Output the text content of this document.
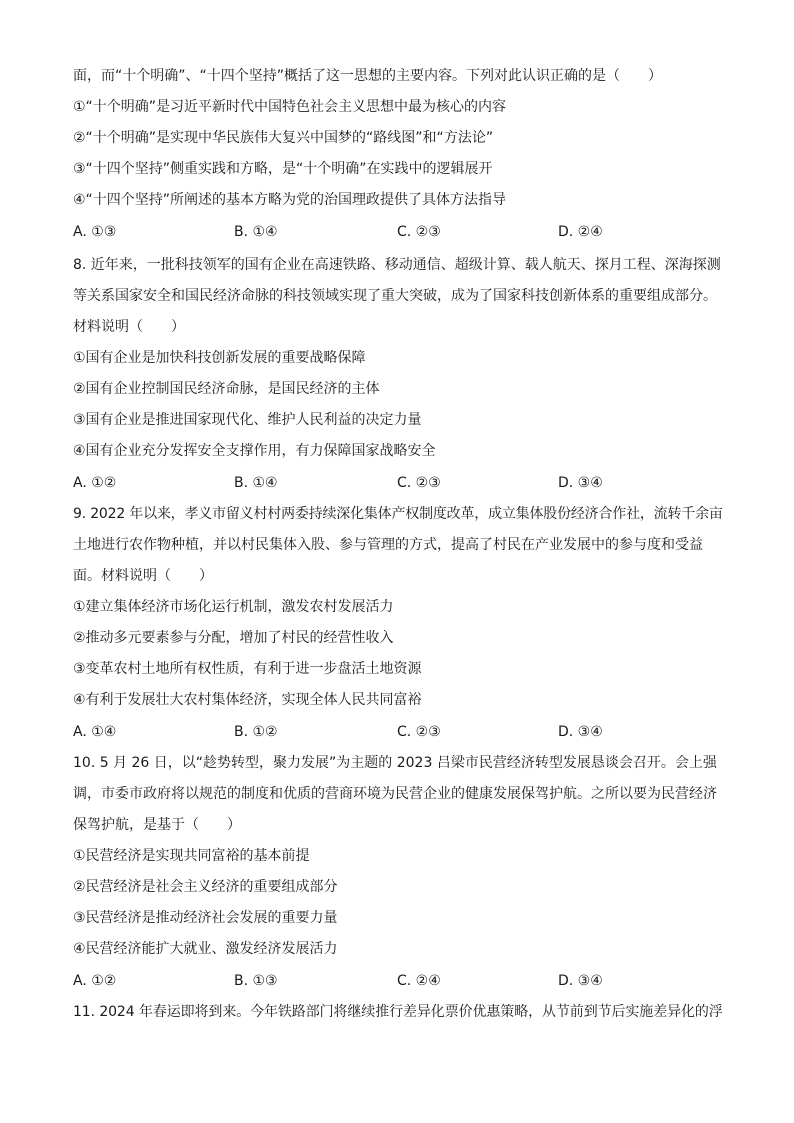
面，而“十个明确”、“十四个坚持”概括了这一思想的主要内容。下列对此认识正确的是（　　）
①“十个明确”是习近平新时代中国特色社会主义思想中最为核心的内容
②“十个明确”是实现中华民族伟大复兴中国梦的“路线图”和“方法论”
③“十四个坚持”侧重实践和方略，是“十个明确”在实践中的逻辑展开
④“十四个坚持”所阐述的基本方略为党的治国理政提供了具体方法指导
A. ①③	B. ①④	C. ②③	D. ②④
8. 近年来，一批科技领军的国有企业在高速铁路、移动通信、超级计算、载人航天、探月工程、深海探测
等关系国家安全和国民经济命脉的科技领域实现了重大突破，成为了国家科技创新体系的重要组成部分。
材料说明（　　）
①国有企业是加快科技创新发展的重要战略保障
②国有企业控制国民经济命脉，是国民经济的主体
③国有企业是推进国家现代化、维护人民利益的决定力量
④国有企业充分发挥安全支撑作用，有力保障国家战略安全
A. ①②	B. ①④	C. ②③	D. ③④
9. 2022 年以来，孝义市留义村村两委持续深化集体产权制度改革，成立集体股份经济合作社，流转千余亩
土地进行农作物种植，并以村民集体入股、参与管理的方式，提高了村民在产业发展中的参与度和受益
面。材料说明（　　）
①建立集体经济市场化运行机制，激发农村发展活力
②推动多元要素参与分配，增加了村民的经营性收入
③变革农村土地所有权性质，有利于进一步盘活土地资源
④有利于发展壮大农村集体经济，实现全体人民共同富裕
A. ①④	B. ①②	C. ②③	D. ③④
10. 5 月 26 日，以“趁势转型，聚力发展”为主题的 2023 吕梁市民营经济转型发展恳谈会召开。会上强
调，市委市政府将以规范的制度和优质的营商环境为民营企业的健康发展保驾护航。之所以要为民营经济
保驾护航，是基于（　　）
①民营经济是实现共同富裕的基本前提
②民营经济是社会主义经济的重要组成部分
③民营经济是推动经济社会发展的重要力量
④民营经济能扩大就业、激发经济发展活力
A. ①②	B. ①③	C. ②④	D. ③④
11. 2024 年春运即将到来。今年铁路部门将继续推行差异化票价优惠策略，从节前到节后实施差异化的浮
